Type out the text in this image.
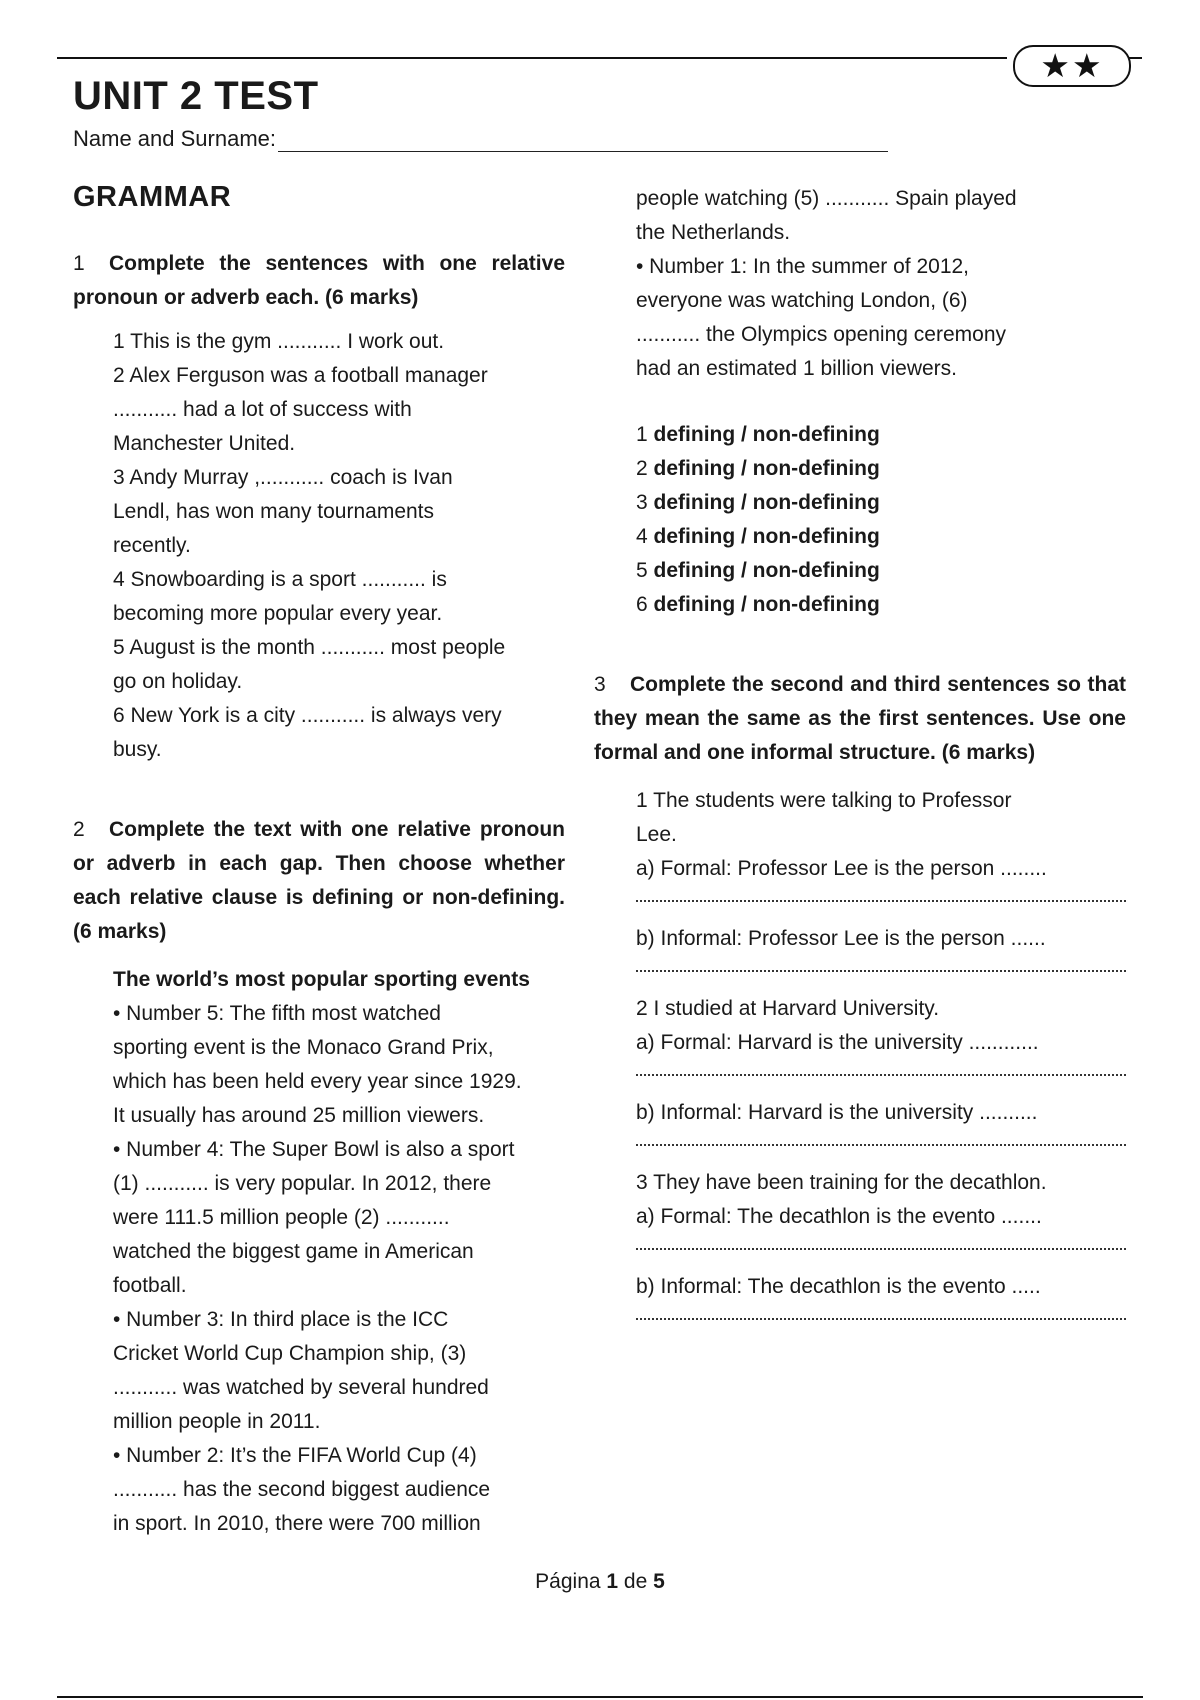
★★
UNIT 2 TEST
Name and Surname:
GRAMMAR

1 Complete the sentences with one relative pronoun or adverb each. (6 marks)

1 This is the gym ........... I work out.

2 Alex Ferguson was a football manager

........... had a lot of success with

Manchester United.

3 Andy Murray ,........... coach is Ivan

Lendl, has won many tournaments

recently.

4 Snowboarding is a sport ........... is

becoming more popular every year.

5 August is the month ........... most people

go on holiday.

6 New York is a city ........... is always very

busy.

2 Complete the text with one relative pronoun or adverb in each gap. Then choose whether each relative clause is defining or non-defining. (6 marks)

The world’s most popular sporting events

• Number 5: The fifth most watched

sporting event is the Monaco Grand Prix,

which has been held every year since 1929.

It usually has around 25 million viewers.

• Number 4: The Super Bowl is also a sport

(1) ........... is very popular. In 2012, there

were 111.5 million people (2) ...........

watched the biggest game in American

football.

• Number 3: In third place is the ICC

Cricket World Cup Champion ship, (3)

........... was watched by several hundred

million people in 2011.

• Number 2: It’s the FIFA World Cup (4)

........... has the second biggest audience

in sport. In 2010, there were 700 million

people watching (5) ........... Spain played

the Netherlands.

• Number 1: In the summer of 2012,

everyone was watching London, (6)

........... the Olympics opening ceremony

had an estimated 1 billion viewers.

1 defining / non-defining

2 defining / non-defining

3 defining / non-defining

4 defining / non-defining

5 defining / non-defining

6 defining / non-defining

3 Complete the second and third sentences so that they mean the same as the first sentences. Use one formal and one informal structure. (6 marks)

1 The students were talking to Professor

Lee.

a) Formal: Professor Lee is the person ........

b) Informal: Professor Lee is the person ......

2 I studied at Harvard University.

a) Formal: Harvard is the university ............

b) Informal: Harvard is the university ..........

3 They have been training for the decathlon.

a) Formal: The decathlon is the evento .......

b) Informal: The decathlon is the evento .....

Página 1 de 5
